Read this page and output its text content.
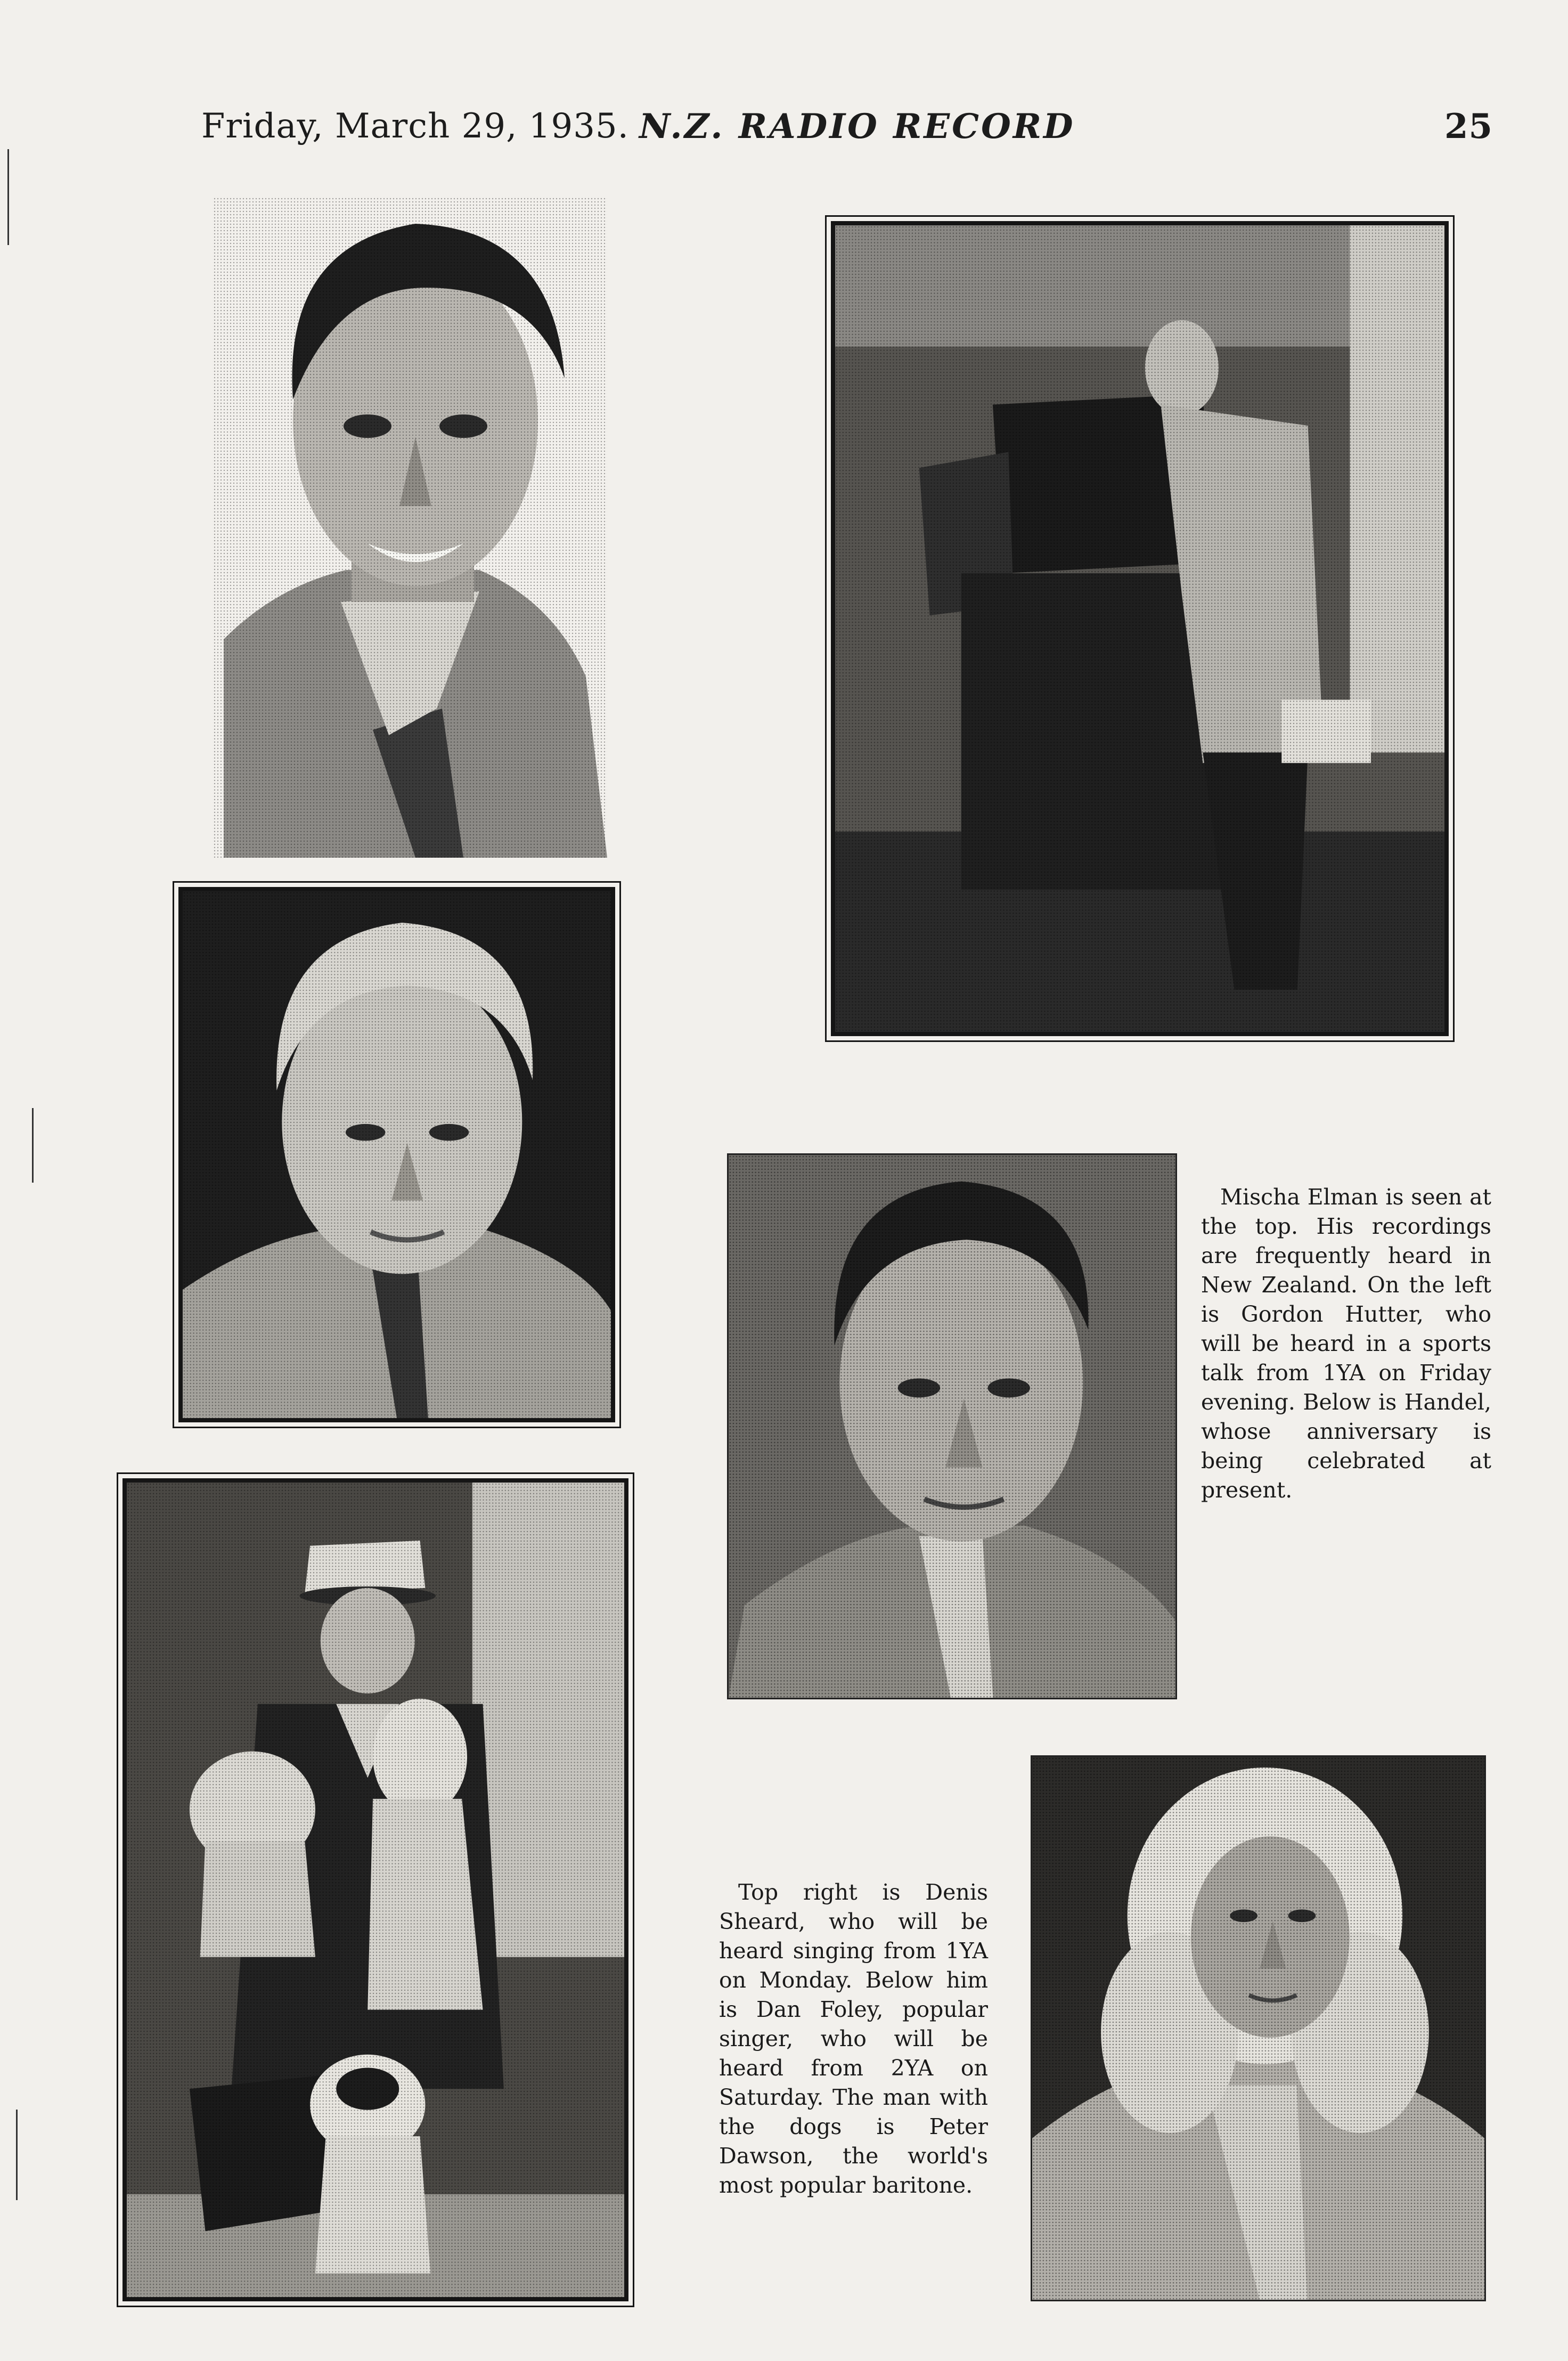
Friday, March 29, 1935. N.Z. RADIO RECORD	25

Mischa Elman is seen at the top. His recordings are frequently heard in New Zealand. On the left is Gordon Hutter, who will be heard in a sports talk from 1YA on Friday evening. Below is Handel, whose anniversary is being celebrated at present.

Top right is Denis Sheard, who will be heard singing from 1YA on Monday. Below him is Dan Foley, popular singer, who will be heard from 2YA on Saturday. The man with the dogs is Peter Dawson, the world's most popular baritone.
